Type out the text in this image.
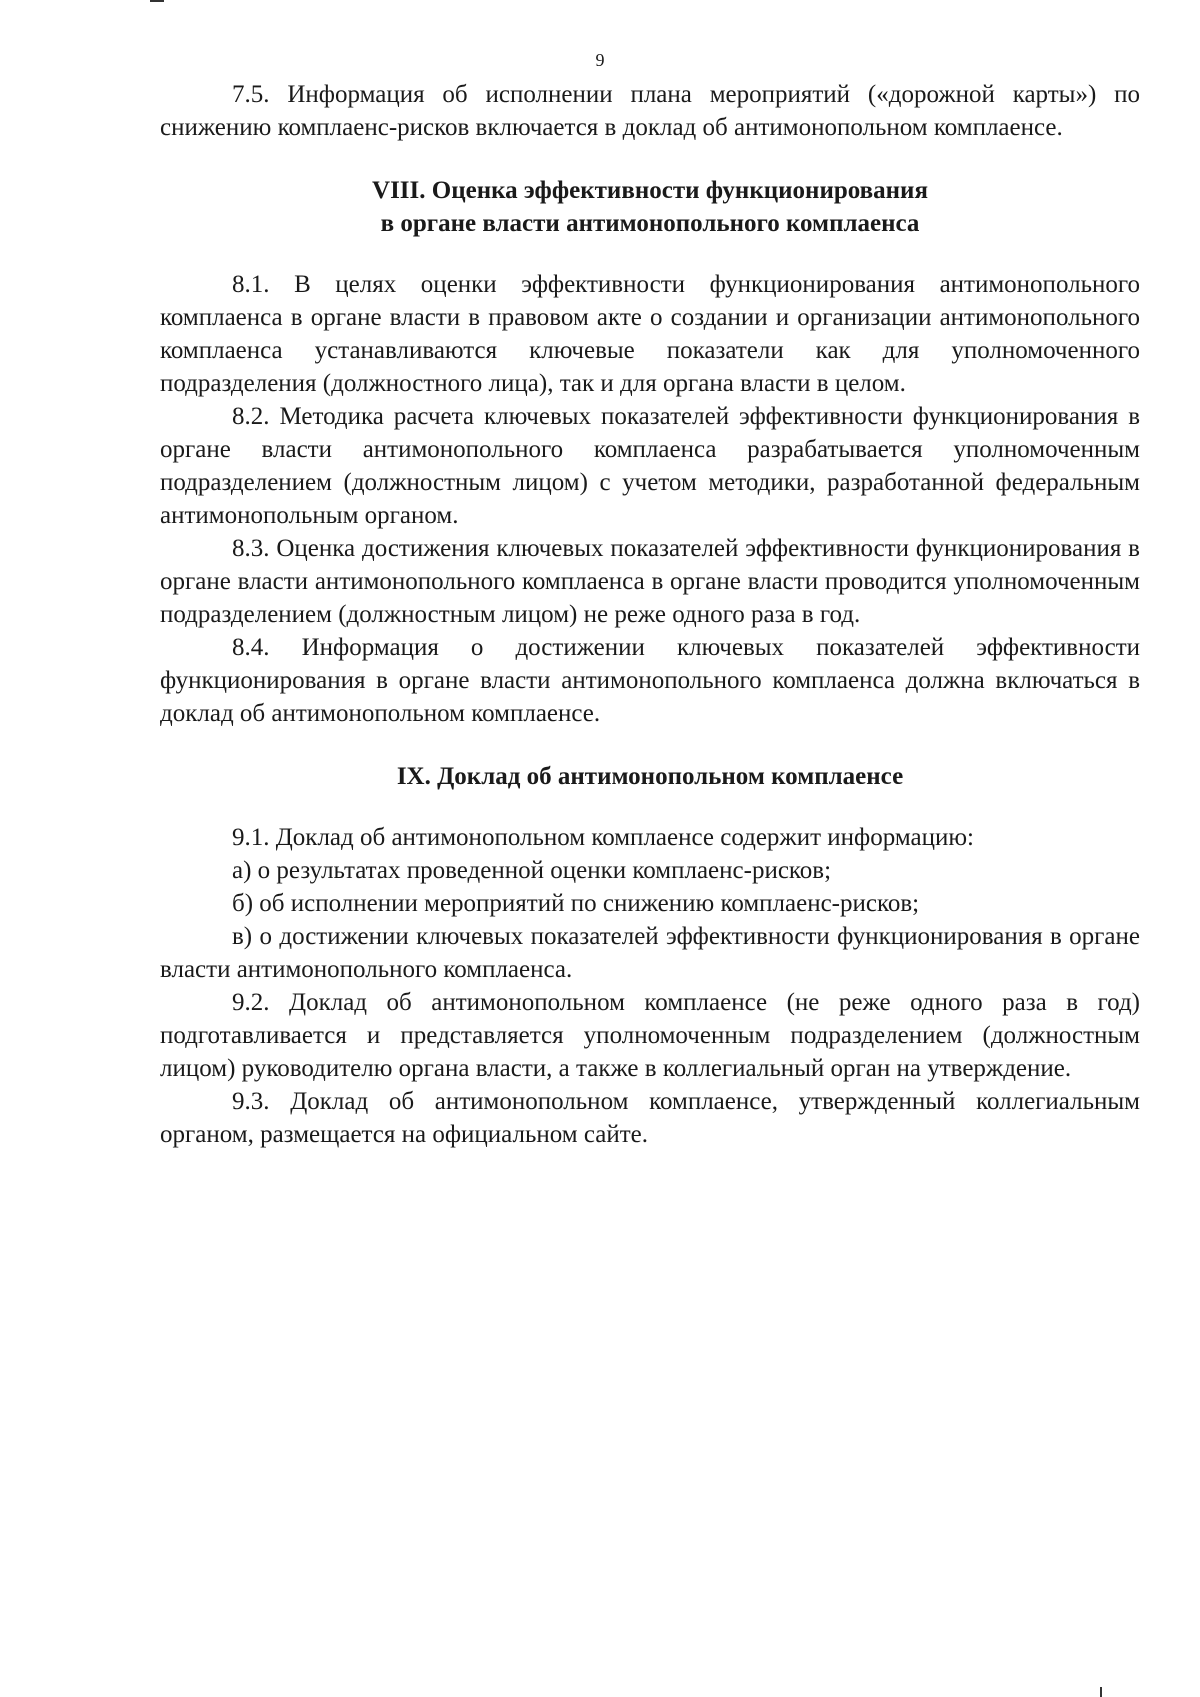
9

7.5. Информация об исполнении плана мероприятий («дорожной карты») по снижению комплаенс-рисков включается в доклад об антимонопольном комплаенсе.

VIII. Оценка эффективности функционирования
в органе власти антимонопольного комплаенса

8.1. В целях оценки эффективности функционирования антимонопольного комплаенса в органе власти в правовом акте о создании и организации антимонопольного комплаенса устанавливаются ключевые показатели как для уполномоченного подразделения (должностного лица), так и для органа власти в целом.

8.2. Методика расчета ключевых показателей эффективности функционирования в органе власти антимонопольного комплаенса разрабатывается уполномоченным подразделением (должностным лицом) с учетом методики, разработанной федеральным антимонопольным органом.

8.3. Оценка достижения ключевых показателей эффективности функционирования в органе власти антимонопольного комплаенса в органе власти проводится уполномоченным подразделением (должностным лицом) не реже одного раза в год.

8.4. Информация о достижении ключевых показателей эффективности функционирования в органе власти антимонопольного комплаенса должна включаться в доклад об антимонопольном комплаенсе.

IX. Доклад об антимонопольном комплаенсе

9.1. Доклад об антимонопольном комплаенсе содержит информацию:

а) о результатах проведенной оценки комплаенс-рисков;

б) об исполнении мероприятий по снижению комплаенс-рисков;

в) о достижении ключевых показателей эффективности функционирования в органе власти антимонопольного комплаенса.

9.2. Доклад об антимонопольном комплаенсе (не реже одного раза в год) подготавливается и представляется уполномоченным подразделением (должностным лицом) руководителю органа власти, а также в коллегиальный орган на утверждение.

9.3. Доклад об антимонопольном комплаенсе, утвержденный коллегиальным органом, размещается на официальном сайте.
